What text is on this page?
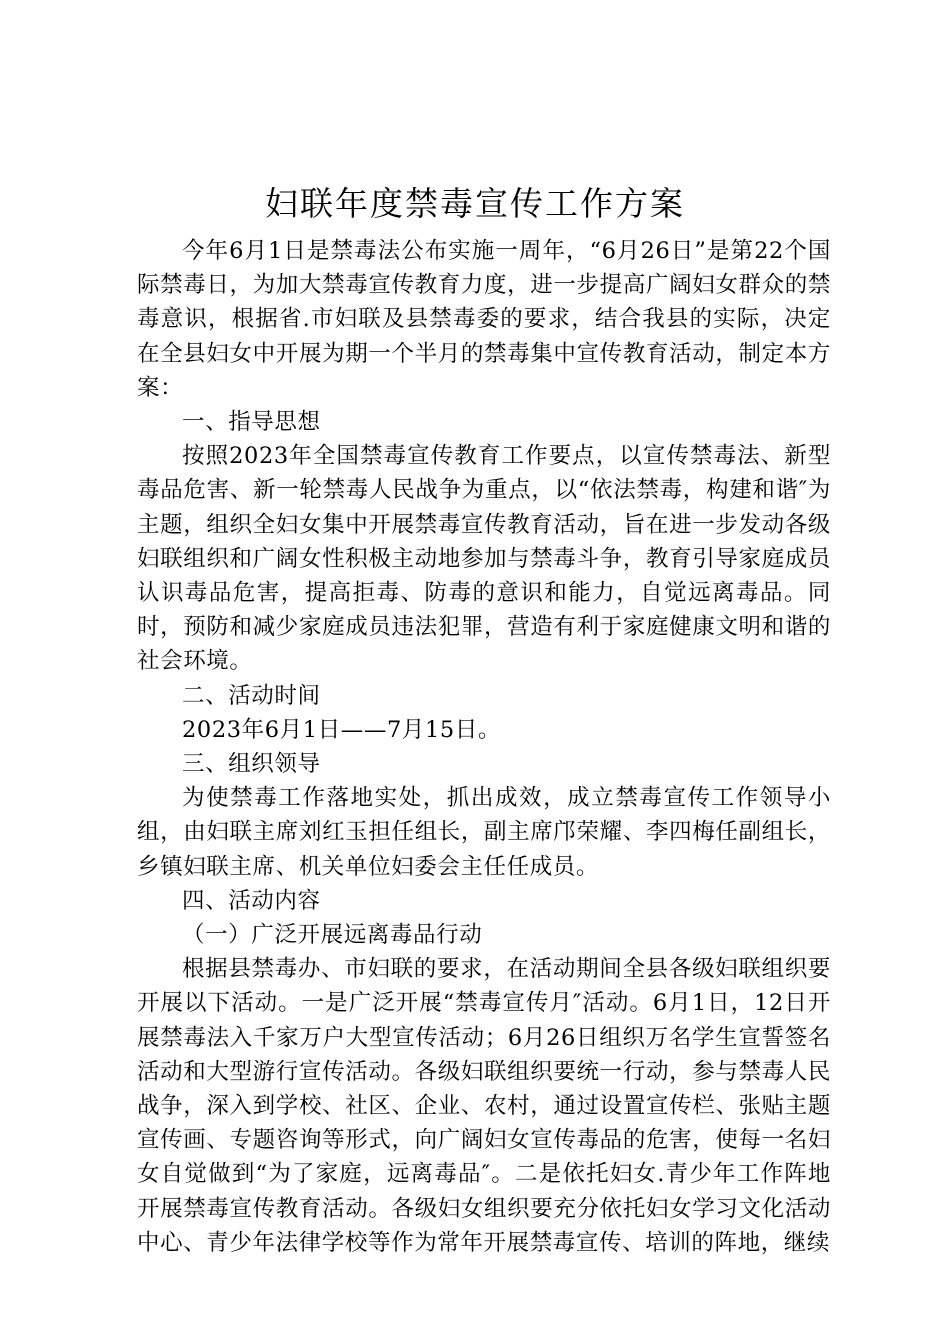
妇联年度禁毒宣传工作方案

今年6月1日是禁毒法公布实施一周年，“6月26日”是第22个国际禁毒日，为加大禁毒宣传教育力度，进一步提高广阔妇女群众的禁毒意识，根据省.市妇联及县禁毒委的要求，结合我县的实际，决定在全县妇女中开展为期一个半月的禁毒集中宣传教育活动，制定本方案：

一、指导思想

按照2023年全国禁毒宣传教育工作要点，以宣传禁毒法、新型毒品危害、新一轮禁毒人民战争为重点，以“依法禁毒，构建和谐″为主题，组织全妇女集中开展禁毒宣传教育活动，旨在进一步发动各级妇联组织和广阔女性积极主动地参加与禁毒斗争，教育引导家庭成员认识毒品危害，提高拒毒、防毒的意识和能力，自觉远离毒品。同时，预防和减少家庭成员违法犯罪，营造有利于家庭健康文明和谐的社会环境。

二、活动时间

2023年6月1日——7月15日。

三、组织领导

为使禁毒工作落地实处，抓出成效，成立禁毒宣传工作领导小组，由妇联主席刘红玉担任组长，副主席邝荣耀、李四梅任副组长，乡镇妇联主席、机关单位妇委会主任任成员。

四、活动内容

（一）广泛开展远离毒品行动

根据县禁毒办、市妇联的要求，在活动期间全县各级妇联组织要开展以下活动。一是广泛开展“禁毒宣传月″活动。6月1日，12日开展禁毒法入千家万户大型宣传活动；6月26日组织万名学生宣誓签名活动和大型游行宣传活动。各级妇联组织要统一行动，参与禁毒人民战争，深入到学校、社区、企业、农村，通过设置宣传栏、张贴主题宣传画、专题咨询等形式，向广阔妇女宣传毒品的危害，使每一名妇女自觉做到“为了家庭，远离毒品″。二是依托妇女.青少年工作阵地开展禁毒宣传教育活动。各级妇女组织要充分依托妇女学习文化活动中心、青少年法律学校等作为常年开展禁毒宣传、培训的阵地，继续
